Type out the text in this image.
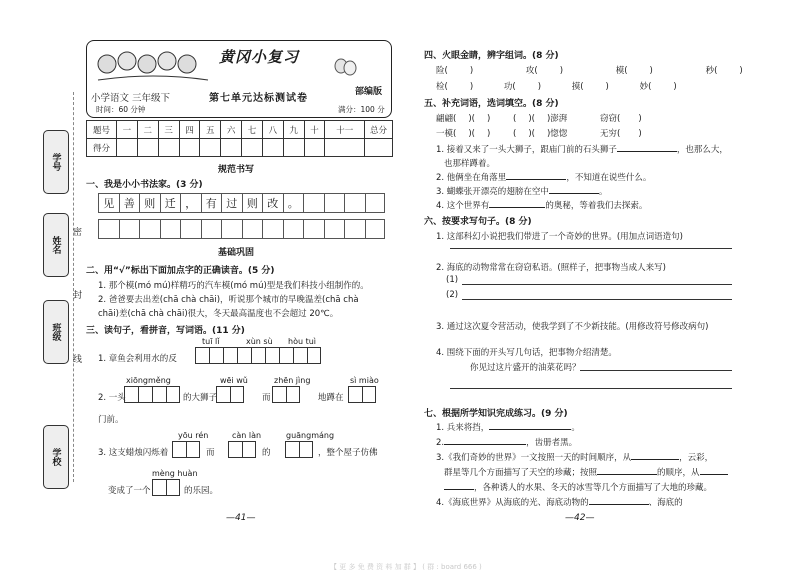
学号
姓名
班级
学校
密
封
线
黄冈小复习
部编版
小学语文 三年级下	第七单元达标测试卷
时间：60 分钟	满分：100 分
题号	一	二	三	四	五	六	七	八	九	十	十一	总分
得分												
规范书写
一、我是小小书法家。(3 分)
见 善 则 迁 ， 有 过 则 改 。
基础巩固
二、用“√”标出下面加点字的正确读音。(5 分)
1. 那个模(mó mú)样精巧的汽车模(mó mú)型是我们科技小组制作的。
2. 爸爸要去出差(chā chà chāi)，听说那个城市的早晚温差(chā chà
chāi)差(chā chà chāi)很大，冬天最高温度也不会超过 20℃。
三、读句子，看拼音，写词语。(11 分)
tuī lǐ	xùn sù hòu tuì
1. 章鱼会利用水的反
xiōngměng	wēi wǔ	zhēn jìng	sì miào
2. 一头	的大狮子	而	地蹲在
门前。
yōu rén	càn làn	guāngmáng
3. 这支蜡烛闪烁着	而	的	，整个屋子仿佛
mèng huàn
变成了一个	的乐园。
—41—
四、火眼金睛，辨字组词。(8 分)
险(	)	攻(	)	模(	)	秒(	)
检(	)	功(	)	摸(	)	妙(	)
五、补充词语，选词填空。(8 分)
翩翩( )( )	( )( )澎湃	窃窃( )
一模( )( )	( )( )惚惚	无穷( )
1. 接着又来了一头大狮子，跟庙门前的石头狮子	，也那么大，
也那样蹲着。
2. 他俩坐在角落里	，不知道在说些什么。
3. 蝴蝶张开漂亮的翅膀在空中	。
4. 这个世界有	的奥秘，等着我们去探索。
六、按要求写句子。(8 分)
1. 这部科幻小说把我们带进了一个奇妙的世界。(用加点词语造句)
2. 海底的动物常常在窃窃私语。(照样子，把事物当成人来写)
(1)
(2)
3. 通过这次夏令营活动，使我学到了不少新技能。(用修改符号修改病句)
4. 围绕下面的开头写几句话，把事物介绍清楚。
你见过这片盛开的油菜花吗？
七、根据所学知识完成练习。(9 分)
1. 兵来将挡，	。
2.	，齿册者黑。
3.《我们奇妙的世界》一文按照一天的时间顺序，从	，云彩，
群星等几个方面描写了天空的珍藏；按照	的顺序，从
，各种诱人的水果、冬天的冰雪等几个方面描写了大地的珍藏。
4.《海底世界》从海底的光、海底动物的	、海底的
—42—
【 更 多 免 费 资 料 加 群 】 ( 群 : board 666 )
